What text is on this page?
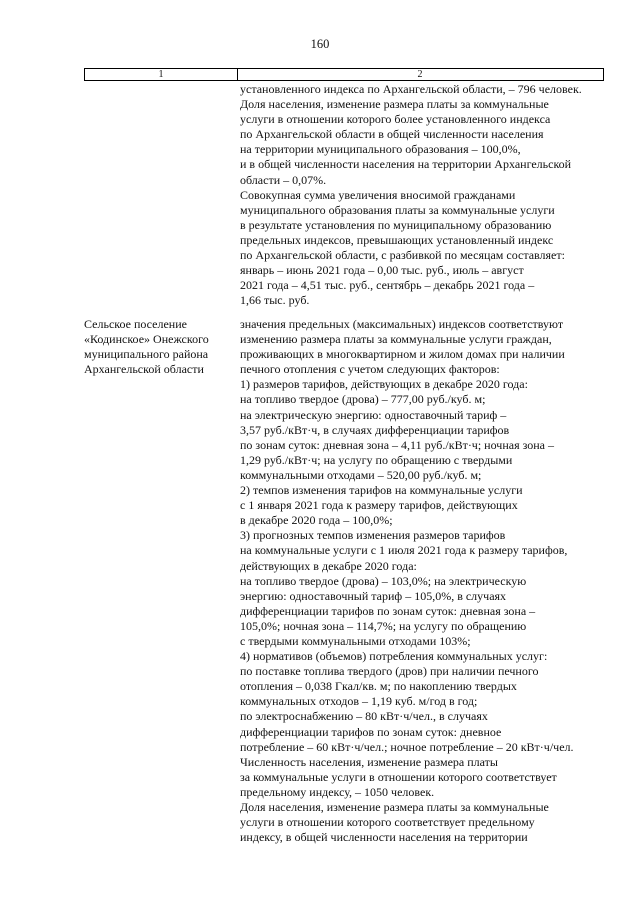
160
1	2
установленного индекса по Архангельской области, – 796 человек.
Доля населения, изменение размера платы за коммунальные
услуги в отношении которого более установленного индекса
по Архангельской области в общей численности населения
на территории муниципального образования – 100,0%,
и в общей численности населения на территории Архангельской
области – 0,07%.
Совокупная сумма увеличения вносимой гражданами
муниципального образования платы за коммунальные услуги
в результате установления по муниципальному образованию
предельных индексов, превышающих установленный индекс
по Архангельской области, с разбивкой по месяцам составляет:
январь – июнь 2021 года – 0,00 тыс. руб., июль – август
2021 года – 4,51 тыс. руб., сентябрь – декабрь 2021 года –
1,66 тыс. руб.
Сельское поселение
«Кодинское» Онежского
муниципального района
Архангельской области
значения предельных (максимальных) индексов соответствуют
изменению размера платы за коммунальные услуги граждан,
проживающих в многоквартирном и жилом домах при наличии
печного отопления с учетом следующих факторов:
1) размеров тарифов, действующих в декабре 2020 года:
на топливо твердое (дрова) – 777,00 руб./куб. м;
на электрическую энергию: одноставочный тариф –
3,57 руб./кВт·ч, в случаях дифференциации тарифов
по зонам суток: дневная зона – 4,11 руб./кВт·ч; ночная зона –
1,29 руб./кВт·ч; на услугу по обращению с твердыми
коммунальными отходами – 520,00 руб./куб. м;
2) темпов изменения тарифов на коммунальные услуги
с 1 января 2021 года к размеру тарифов, действующих
в декабре 2020 года – 100,0%;
3) прогнозных темпов изменения размеров тарифов
на коммунальные услуги с 1 июля 2021 года к размеру тарифов,
действующих в декабре 2020 года:
на топливо твердое (дрова) – 103,0%; на электрическую
энергию: одноставочный тариф – 105,0%, в случаях
дифференциации тарифов по зонам суток: дневная зона –
105,0%; ночная зона – 114,7%; на услугу по обращению
с твердыми коммунальными отходами 103%;
4) нормативов (объемов) потребления коммунальных услуг:
по поставке топлива твердого (дров) при наличии печного
отопления – 0,038 Гкал/кв. м; по накоплению твердых
коммунальных отходов – 1,19 куб. м/год в год;
по электроснабжению – 80 кВт·ч/чел., в случаях
дифференциации тарифов по зонам суток: дневное
потребление – 60 кВт·ч/чел.; ночное потребление – 20 кВт·ч/чел.
Численность населения, изменение размера платы
за коммунальные услуги в отношении которого соответствует
предельному индексу, – 1050 человек.
Доля населения, изменение размера платы за коммунальные
услуги в отношении которого соответствует предельному
индексу, в общей численности населения на территории
